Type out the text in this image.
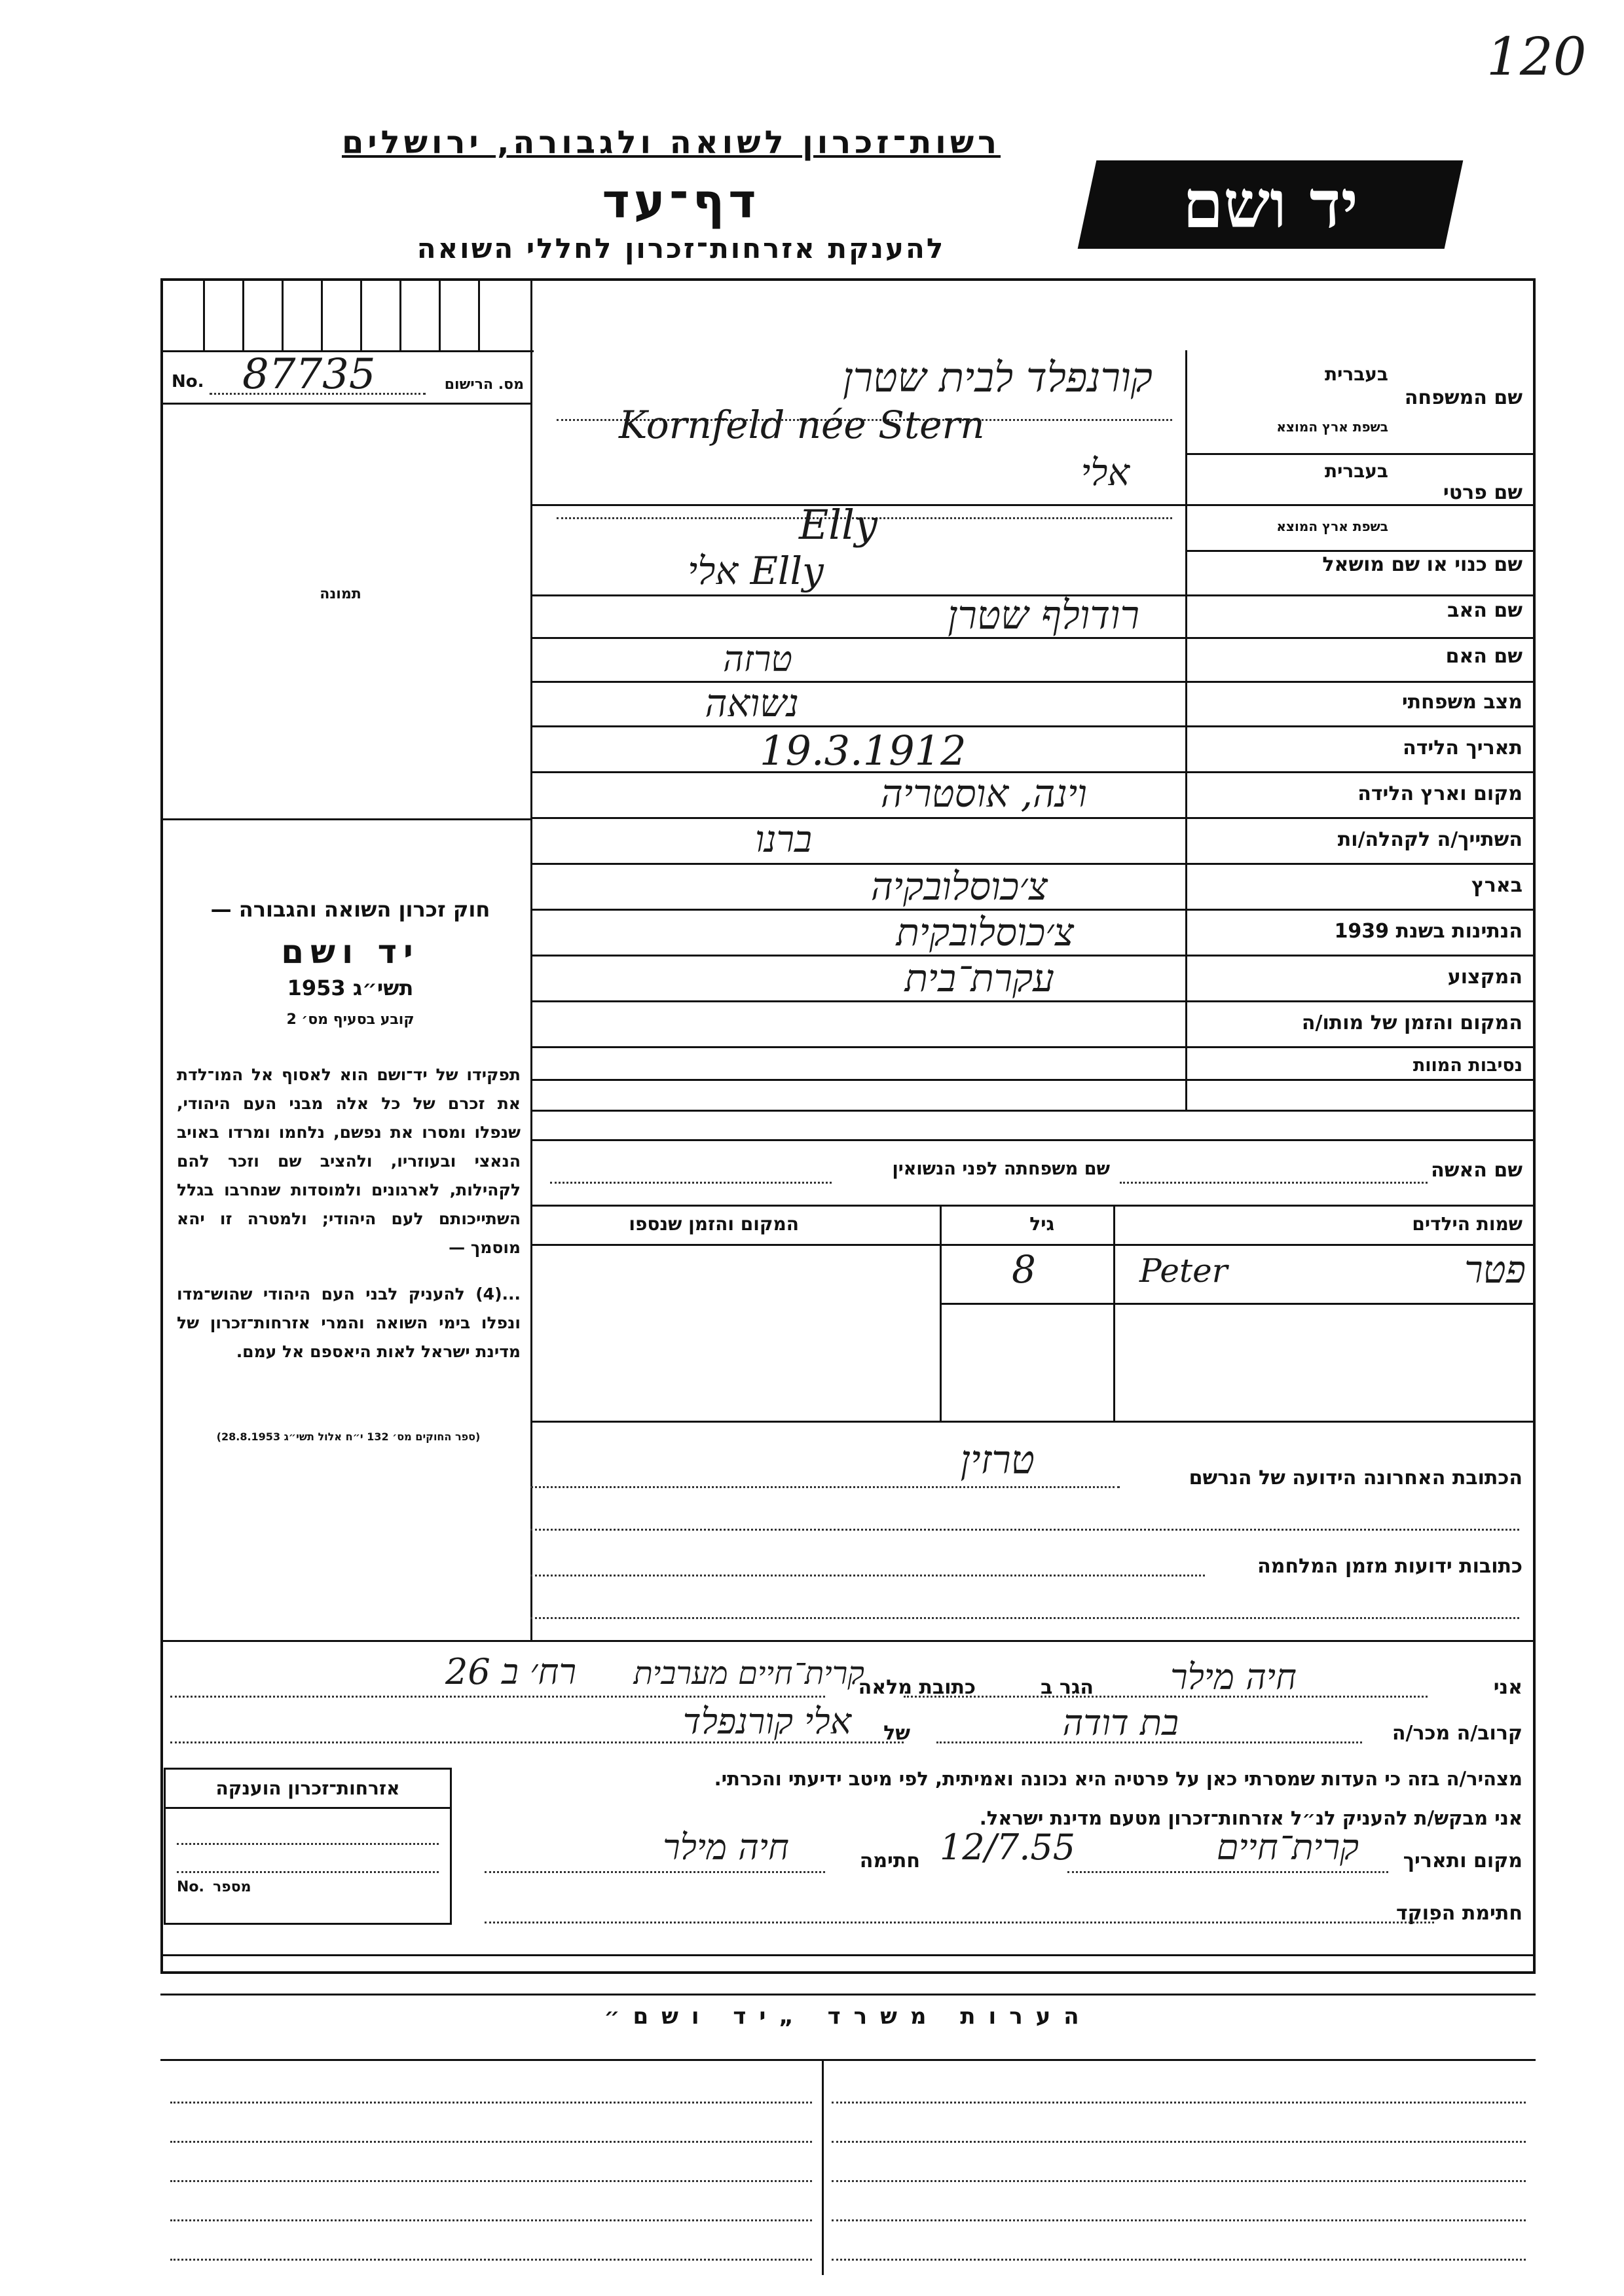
120
רשות־זכרון לשואה ולגבורה, ירושלים
דף־עד
להענקת אזרחות־זכרון לחללי השואה
יד ושם
No. 87735	מס. הרישום
תמונה
חוק זכרון השואה והגבורה —
יד ושם
תשי״ג 1953
קובע בסעיף מס׳ 2
תפקידו של יד־ושם הוא לאסוף אל המו־לדת את זכרם של כל אלה מבני העם היהודי, שנפלו ומסרו את נפשם, נלחמו ומרדו באויב הנאצי ובעוזריו, ולהציב שם וזכר להם לקהילות, לארגונים ולמוסדות שנחרבו בגלל השתייכותם לעם היהודי; ולמטרה זו יהא מוסמך —
...(4) להעניק לבני העם היהודי שהוש־מדו ונפלו בימי השואה והמרי אזרחות־זכרון של מדינת ישראל לאות היאספם אל עמם.
(ספר החוקים מס׳ 132 י״ח אלול תשי״ג 28.8.1953)
שם המשפחה
בעברית
בשפת ארץ המוצא
שם פרטי
בעברית
בשפת ארץ המוצא
שם כנוי או שם מושאל
שם האב
שם האם
מצב משפחתי
תאריך הלידה
מקום וארץ הלידה
השתייך/ה לקהלה/ות
בארץ
הנתינות בשנת 1939
המקצוע
המקום והזמן של מותו/ה
נסיבות המוות
קורנפלד לבית שטרן
Kornfeld née Stern
אלי
Elly
אלי Elly
רודולף שטרן
טרזה
נשואה
19.3.1912
וינה, אוסטריה
ברנו
צ׳כוסלובקיה
צ׳כוסלובקית
עקרת־בית
שם האשה
שם משפחתה לפני הנשואין
שמות הילדים
גיל
המקום והזמן שנספו
פטר
Peter
8
הכתובת האחרונה הידועה של הנרשם
טרזין
כתובות ידועות מזמן המלחמה
אני
חיה מילר
הגר ב
קרית־חיים מערבית
כתובת מלאה
רח׳ ב 26
קרוב/ה מכר/ה
בת דודה
של
אלי קורנפלד
מצהיר/ה בזה כי העדות שמסרתי כאן על פרטיה היא נכונה ואמיתית, לפי מיטב ידיעתי והכרתי.
אני מבקש/ת להעניק לנ״ל אזרחות־זכרון מטעם מדינת ישראל.
מקום ותאריך
קרית־חיים
12/7.55
חתימה
חיה מילר
חתימת הפוקד
אזרחות־זכרון הוענקה
No. מספר
הערות משרד „יד ושם״
